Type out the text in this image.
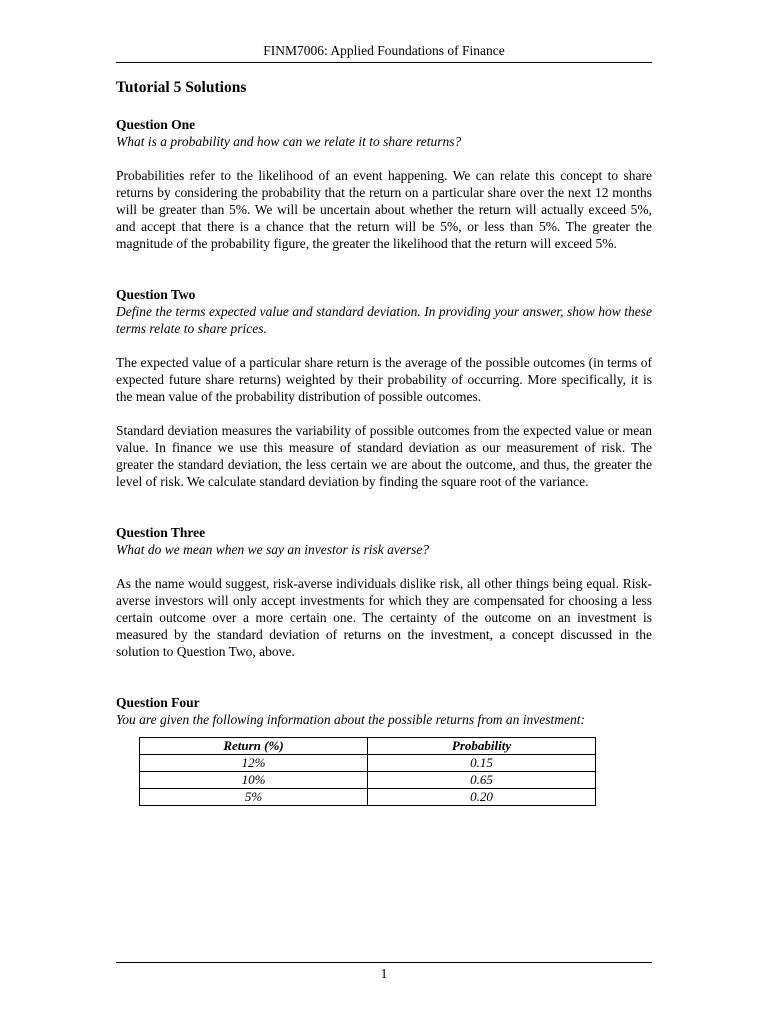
FINM7006: Applied Foundations of Finance
Tutorial 5 Solutions

Question One

What is a probability and how can we relate it to share returns?

Probabilities refer to the likelihood of an event happening. We can relate this concept to share returns by considering the probability that the return on a particular share over the next 12 months will be greater than 5%. We will be uncertain about whether the return will actually exceed 5%, and accept that there is a chance that the return will be 5%, or less than 5%. The greater the magnitude of the probability figure, the greater the likelihood that the return will exceed 5%.

Question Two

Define the terms expected value and standard deviation. In providing your answer, show how these terms relate to share prices.

The expected value of a particular share return is the average of the possible outcomes (in terms of expected future share returns) weighted by their probability of occurring. More specifically, it is the mean value of the probability distribution of possible outcomes.

Standard deviation measures the variability of possible outcomes from the expected value or mean value. In finance we use this measure of standard deviation as our measurement of risk. The greater the standard deviation, the less certain we are about the outcome, and thus, the greater the level of risk. We calculate standard deviation by finding the square root of the variance.

Question Three

What do we mean when we say an investor is risk averse?

As the name would suggest, risk-averse individuals dislike risk, all other things being equal. Risk-averse investors will only accept investments for which they are compensated for choosing a less certain outcome over a more certain one. The certainty of the outcome on an investment is measured by the standard deviation of returns on the investment, a concept discussed in the solution to Question Two, above.

Question Four

You are given the following information about the possible returns from an investment:

Return (%)	Probability
12%	0.15
10%	0.65
5%	0.20
1
